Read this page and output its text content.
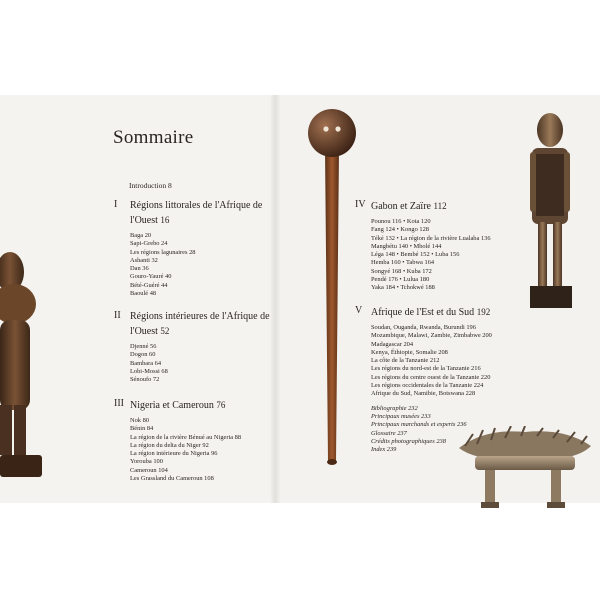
Sommaire
Introduction 8
I Régions littorales de l'Afrique de l'Ouest 16
Baga 20
Sapi-Grebo 24
Les régions lagunaires 28
Ashanti 32
Dan 36
Gouro-Yauré 40
Bété-Guéré 44
Baoulé 48
II Régions intérieures de l'Afrique de l'Ouest 52
Djenné 56
Dogon 60
Bambara 64
Lobi-Mossi 68
Sénoufo 72
III Nigeria et Cameroun 76
Nok 80
Bénin 84
La région de la rivière Bénué au Nigeria 88
La région du delta du Niger 92
La région intérieure du Nigeria 96
Yorouba 100
Cameroun 104
Les Grassland du Cameroun 108
IV Gabon et Zaïre 112
Pounou 116 • Kota 120
Fang 124 • Kongo 128
Téké 132 • La région de la rivière Lualaba 136
Mangbétu 140 • Mbolé 144
Léga 148 • Bembé 152 • Luba 156
Hemba 160 • Tabwa 164
Songyé 168 • Kuba 172
Pendé 176 • Lulua 180
Yaka 184 • Tchokwé 188
V Afrique de l'Est et du Sud 192
Soudan, Ouganda, Rwanda, Burundi 196
Mozambique, Malawi, Zambie, Zimbabwe 200
Madagascar 204
Kenya, Éthiopie, Somalie 208
La côte de la Tanzanie 212
Les régions du nord-est de la Tanzanie 216
Les régions du centre ouest de la Tanzanie 220
Les régions occidentales de la Tanzanie 224
Afrique du Sud, Namibie, Botswana 228
Bibliographie 232
Principaux musées 233
Principaux marchands et experts 236
Glossaire 237
Crédits photographiques 238
Index 239
